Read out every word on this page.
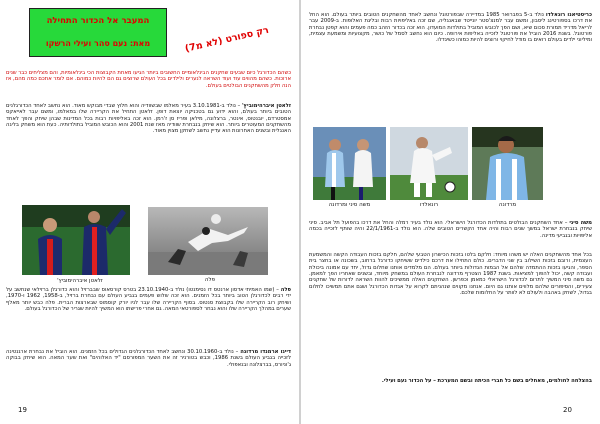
המעבר אל הכדור התחילה
מאת: נעם סהר ועילי הרשקו	רק ספורט (לא מ7)
כשהם הכדורגל כיום שבעים שחקנים הבינלאומיים החשובים ביותר הגיעו מאחת הקבוצות הכי בינלאומיות, והם מצליחים כבר שנים ארוכות. כשהם מהווים עוד ועוד השראה לנערים ולילדים בכל העולם שרוצים גם הם להיות כמוהם. אם לומר אתכם כמה מהם, אז הנה חלק מהשחקנים הבולטים בעולם.
זלאטן איברהימוביץ' – נולד ב-3.10.1981 בעיר מאלמו שבשוודיה והוא חלוץ שבדי מבוקש מאוד. הוא נחשב לאחד הכדורגלנים הטובים ביותר בעולם, והוא ידוע גם בטכניקה יוצאת דופן. זלאטן התחיל את הקריירה שלו במאלמו, ומשם עבר לאייאקס אמסטרדם, יובנטוס, אינטר, ברצלונה, מילאן ופריז סן ז'רמן. הוא זכה באליפויות רבות בכל המדינות שבהן שיחק והפך לאחד מהשחקנים המעוטרים ביותר. הוא שיחק בנבחרת שוודיה מאז שנת 2001 והוא הכובש המוביל בתולדותיה. כעת הוא משחק בליגה האנגלית ובשנים האחרונות הוא עדיין נחשב לשחקן מצוין מאוד.
פלה
זלאטן איברהימוביץ'
פלה – (שמו האמיתי אדסון ארנטס דו נסימנטו) נולד ב-23.10.1940 בטרס קורסאוס שבברזיל והוא כדורגלן ברזילאי שנחשב על ידי רבים לכדורגלן הטוב ביותר בכל הזמנים. הוא זכה שלוש פעמים בגביע העולם עם נבחרת ברזיל, ב-1958, 1962 ו-1970, ושיחק רוב הקריירה שלו בקבוצת סנטוס. בסוף הקריירה שלו עבר לניו יורק קוסמוס שבארצות הברית. פלה כבש יותר מאלף שערים במהלך הקריירה שלו והוא נבחר לספורטאי המאה. גם אחרי פרישתו הוא המשיך להיות שגריר של הכדורגל בעולם.
דייגו ארמנדו מרדונה – נולד ב-30.10.1960 ונחשב לאחד הכדורגלנים הגדולים בכל הזמנים. הוא הוביל את נבחרת ארגנטינה לזכייה בגביע העולם בשנת 1986, וכבש בטורניר זה את השער המפורסם "יד האלוהים" ואת שער המאה. הוא שיחק בבוקה ג'וניורס, בברצלונה ובנאפולי.
19
כריסטיאנו רונאלדו נולד ב-5 בפברואר 1985 במדיירה שבפורטוגל ונחשב לאחד מהשחקנים הטובים ביותר בעולם. הוא החל את דרכו בספורטינג ליסבון, ומשם עבר למנצ'סטר יונייטד שבאנגליה, שם זכה באליפויות רבות ובליגת האלופות. ב-2009 עבר לריאל מדריד תמורת סכום שיא, ושם הפך לכובש המוביל בתולדות המועדון. הוא זכה בכדור הזהב כמה פעמים והוא קפטן נבחרת פורטוגל. בשנת 2016 הוביל את פורטוגל לזכייה באליפות אירופה. כיום הוא נחשב לסמל של כושר, מקצועיות ומשמעת עצמית, ומיליוני ילדים בעולם רואים בו מודל לחיקוי ורוצים להיות כמוהו כשיגדלו.
משה סיני ומרדונה	רונאלדו	מרדונה
משה סיני – אחד השחקנים הבולטים בתולדות הכדורגל הישראלי. הוא נולד בעיר רמלה והחל את דרכו בהפועל תל אביב. סיני שיחק בנבחרת ישראל במשך שנים רבות והיה אחד הקשרים הטובים שלה. הוא נולד ב-22/1/1961 והיה שותף לזכייה בכמה אליפויות ובגביעי מדינה.
בכל אחד מהשחקנים האלה יש משהו מיוחד: חלקם בלטו בזכות הכישרון הטבעי שלהם, חלקם בזכות העבודה הקשה והמשמעת העצמית, ורובם בזכות השילוב בין שני הדברים. כולם התחילו את דרכם כילדים ששיחקו כדורגל ברחוב, בשכונה או בחצר בית הספר, והגיעו בזכות ההתמדה שלהם אל הבמות הגדולות ביותר בעולם. הם מלמדים אותנו שחלום גדול, יחד עם אמונה ביכולת ועבודה קשה, יכול להפוך למציאות. בשנת 1987 הצטרף מרדונה לנבחרת העולם במשחק מיוחד, ובשנים שאחריו הפך למאמן. גם משה סיני המשיך לתרום לכדורגל הישראלי כמאמן וכפרשן. השחקנים האלה ממשיכים להוות השראה לדורות של שחקנים צעירים, והסיפורים שלהם מלווים אותנו גם היום. אנחנו מקווים שנהניתם לקרוא על אגדות הכדורגל ושגם אתם תמשיכו לחלום בגדול, לשחק באהבה ולעולם לא לוותר על החלומות שלכם.
בהצלחה לחולמים, מאחלים בשם כל חברי הכיתה ובשם המערכת – על הכדור נעם ועילי.
20
